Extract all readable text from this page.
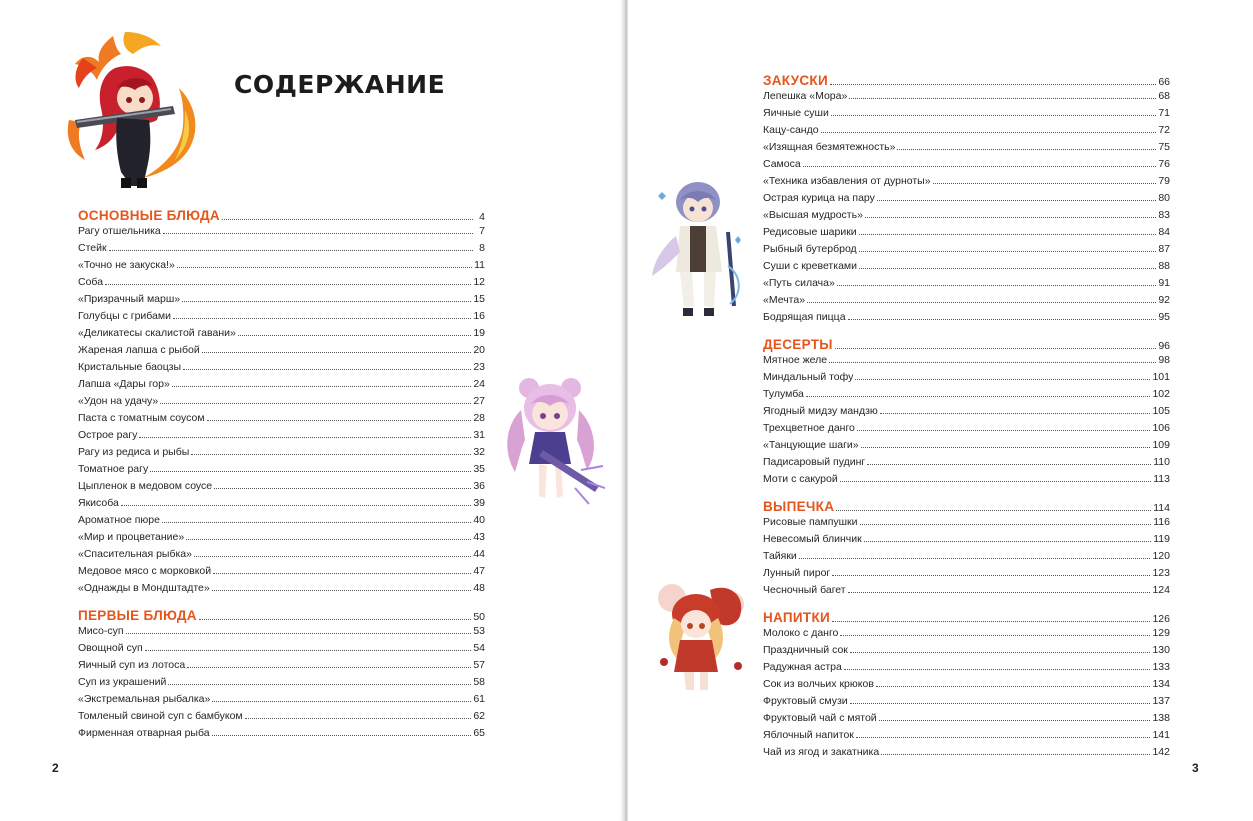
СОДЕРЖАНИЕ
ОСНОВНЫЕ БЛЮДА	4
Рагу отшельника	7
Стейк	8
«Точно не закуска!»	11
Соба	12
«Призрачный марш»	15
Голубцы с грибами	16
«Деликатесы скалистой гавани»	19
Жареная лапша с рыбой	20
Кристальные баоцзы	23
Лапша «Дары гор»	24
«Удон на удачу»	27
Паста с томатным соусом	28
Острое рагу	31
Рагу из редиса и рыбы	32
Томатное рагу	35
Цыпленок в медовом соусе	36
Якисоба	39
Ароматное пюре	40
«Мир и процветание»	43
«Спасительная рыбка»	44
Медовое мясо с морковкой	47
«Однажды в Мондштадте»	48
ПЕРВЫЕ БЛЮДА	50
Мисо-суп	53
Овощной суп	54
Яичный суп из лотоса	57
Суп из украшений	58
«Экстремальная рыбалка»	61
Томленый свиной суп с бамбуком	62
Фирменная отварная рыба	65
2
ЗАКУСКИ	66
Лепешка «Мора»	68
Яичные суши	71
Кацу-сандо	72
«Изящная безмятежность»	75
Самоса	76
«Техника избавления от дурноты»	79
Острая курица на пару	80
«Высшая мудрость»	83
Редисовые шарики	84
Рыбный бутерброд	87
Суши с креветками	88
«Путь силача»	91
«Мечта»	92
Бодрящая пицца	95
ДЕСЕРТЫ	96
Мятное желе	98
Миндальный тофу	101
Тулумба	102
Ягодный мидзу мандзю	105
Трехцветное данго	106
«Танцующие шаги»	109
Падисаровый пудинг	110
Моти с сакурой	113
ВЫПЕЧКА	114
Рисовые пампушки	116
Невесомый блинчик	119
Тайяки	120
Лунный пирог	123
Чесночный багет	124
НАПИТКИ	126
Молоко с данго	129
Праздничный сок	130
Радужная астра	133
Сок из волчьих крюков	134
Фруктовый смузи	137
Фруктовый чай с мятой	138
Яблочный напиток	141
Чай из ягод и закатника	142
3
